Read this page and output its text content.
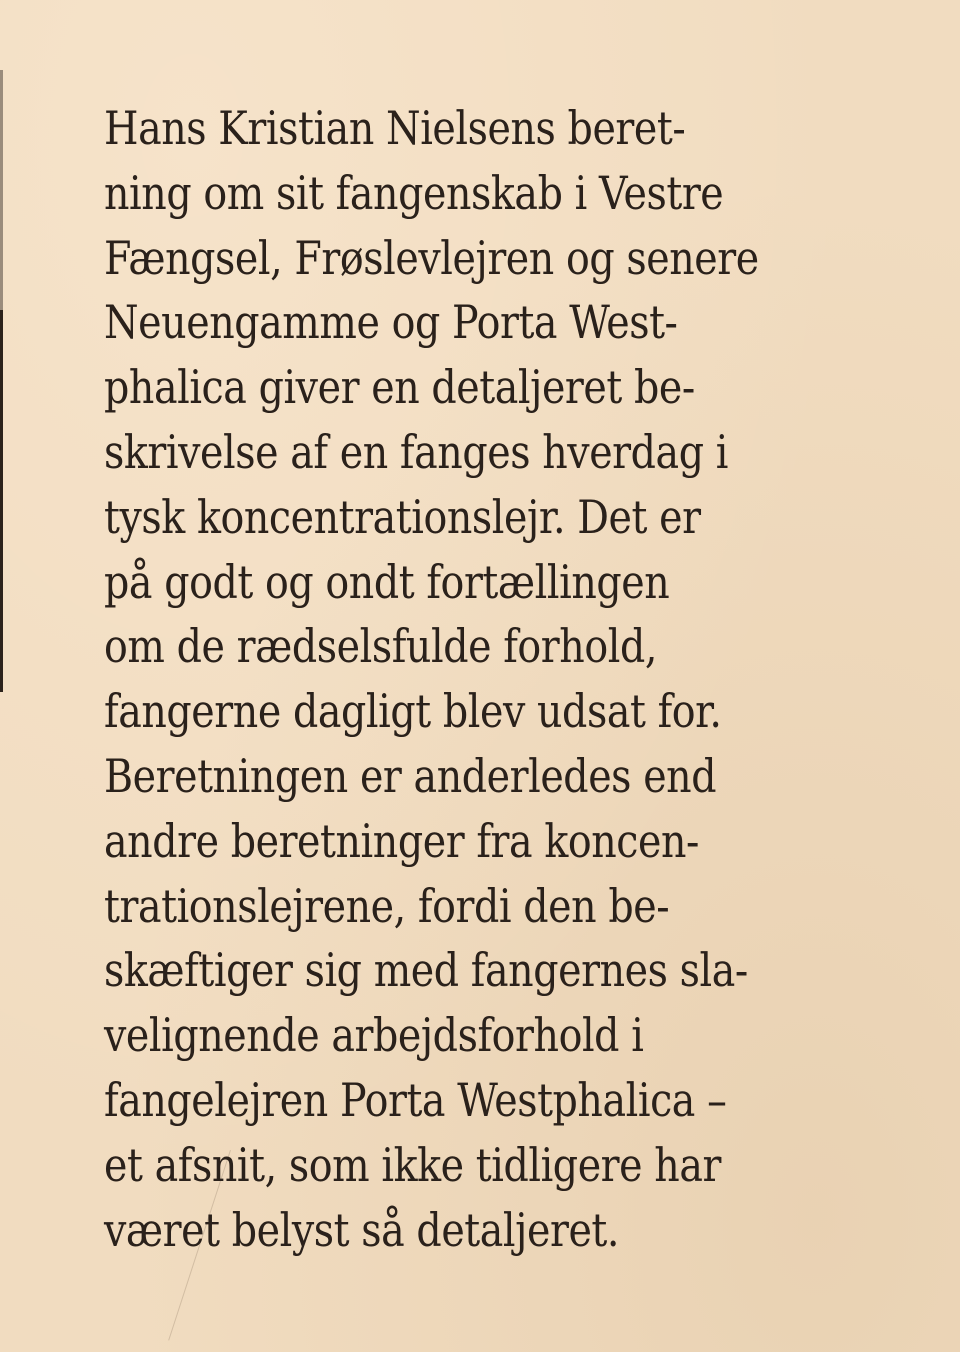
Hans Kristian Nielsens beret-
ning om sit fangenskab i Vestre
Fængsel, Frøslevlejren og senere
Neuengamme og Porta West-
phalica giver en detaljeret be-
skrivelse af en fanges hverdag i
tysk koncentrationslejr. Det er
på godt og ondt fortællingen
om de rædselsfulde forhold,
fangerne dagligt blev udsat for.
Beretningen er anderledes end
andre beretninger fra koncen-
trationslejrene, fordi den be-
skæftiger sig med fangernes sla-
velignende arbejdsforhold i
fangelejren Porta Westphalica –
et afsnit, som ikke tidligere har
været belyst så detaljeret.
